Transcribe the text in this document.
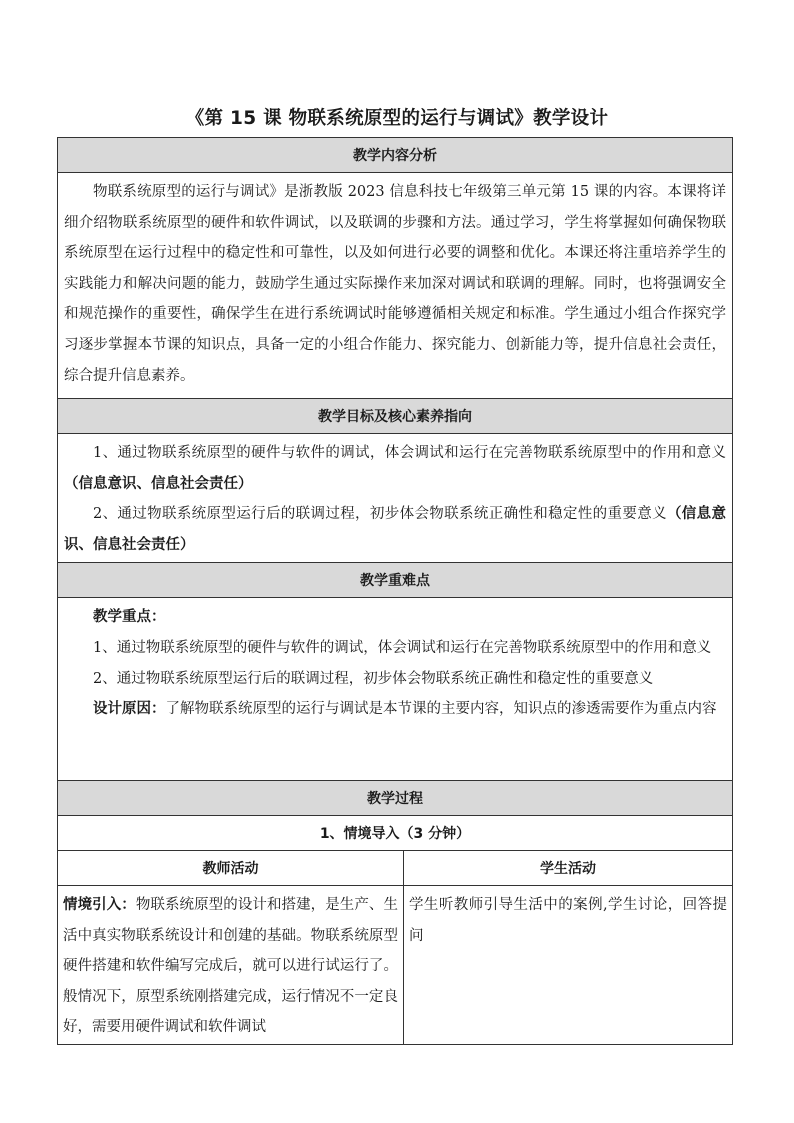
《第 15 课 物联系统原型的运行与调试》教学设计
教学内容分析	
物联系统原型的运行与调试》是浙教版 2023 信息科技七年级第三单元第 15 课的内容。本课将详细介绍物联系统原型的硬件和软件调试，以及联调的步骤和方法。通过学习，学生将掌握如何确保物联系统原型在运行过程中的稳定性和可靠性，以及如何进行必要的调整和优化。本课还将注重培养学生的实践能力和解决问题的能力，鼓励学生通过实际操作来加深对调试和联调的理解。同时，也将强调安全和规范操作的重要性，确保学生在进行系统调试时能够遵循相关规定和标准。学生通过小组合作探究学习逐步掌握本节课的知识点，具备一定的小组合作能力、探究能力、创新能力等，提升信息社会责任，综合提升信息素养。	
教学目标及核心素养指向	

1、通过物联系统原型的硬件与软件的调试，体会调试和运行在完善物联系统原型中的作用和意义（信息意识、信息社会责任）
2、通过物联系统原型运行后的联调过程，初步体会物联系统正确性和稳定性的重要意义（信息意识、信息社会责任）	

教学重难点	

教学重点：
1、通过物联系统原型的硬件与软件的调试，体会调试和运行在完善物联系统原型中的作用和意义
2、通过物联系统原型运行后的联调过程，初步体会物联系统正确性和稳定性的重要意义
设计原因：了解物联系统原型的运行与调试是本节课的主要内容，知识点的渗透需要作为重点内容	

教学过程	
1、情境导入（3 分钟）	
教师活动	学生活动
情境引入：物联系统原型的设计和搭建，是生产、生活中真实物联系统设计和创建的基础。物联系统原型硬件搭建和软件编写完成后，就可以进行试运行了。般情况下，原型系统刚搭建完成，运行情况不一定良好，需要用硬件调试和软件调试	学生听教师引导生活中的案例,学生讨论，回答提问
